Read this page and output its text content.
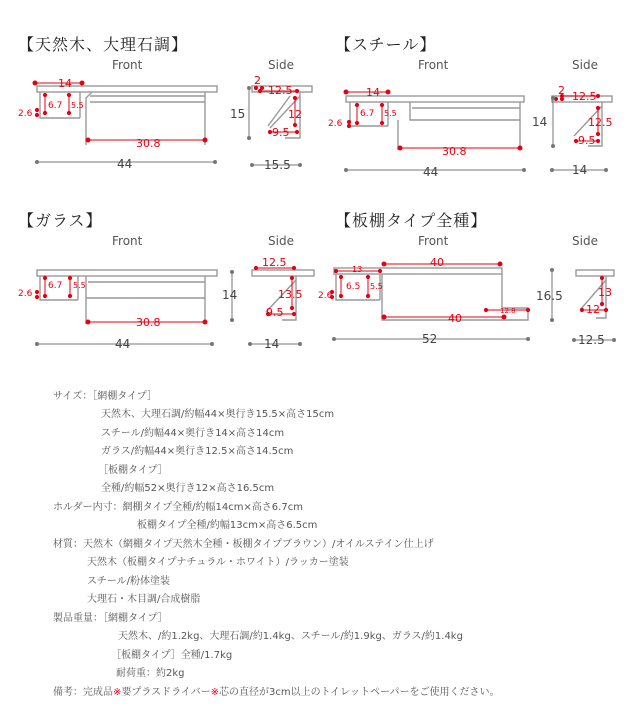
【天然木、大理石調】
Front	Side
14
6.7 5.5
2.6
30.8
44
2
12.5
15	12
9.5
15.5
【スチール】
Front	Side
14
6.7 5.5
2.6
30.8
44
2 12.5
14	12.5
9.5
14
【ガラス】
Front	Side
6.7 5.5
2.6
30.8
44
12.5
14	13.5
9.5
14
【板棚タイプ全種】
Front	Side
40
13
6.5 5.5
2.6
40
12.8
52
16.5	13
12
12.5
サイズ：［網棚タイプ］
天然木、大理石調/約幅44×奥行き15.5×高さ15cm
スチール/約幅44×奥行き14×高さ14cm
ガラス/約幅44×奥行き12.5×高さ14.5cm
［板棚タイプ］
全種/約幅52×奥行き12×高さ16.5cm
ホルダー内寸：網棚タイプ全種/約幅14cm×高さ6.7cm
板棚タイプ全種/約幅13cm×高さ6.5cm
材質：天然木（網棚タイプ天然木全種・板棚タイプブラウン）/オイルステイン仕上げ
天然木（板棚タイプナチュラル・ホワイト）/ラッカー塗装
スチール/粉体塗装
大理石・木目調/合成樹脂
製品重量：［網棚タイプ］
天然木、/約1.2kg、大理石調/約1.4kg、スチール/約1.9kg、ガラス/約1.4kg
［板棚タイプ］全種/1.7kg
耐荷重：約2kg
備考：完成品※要プラスドライバー※芯の直径が3cm以上のトイレットペーパーをご使用ください。
